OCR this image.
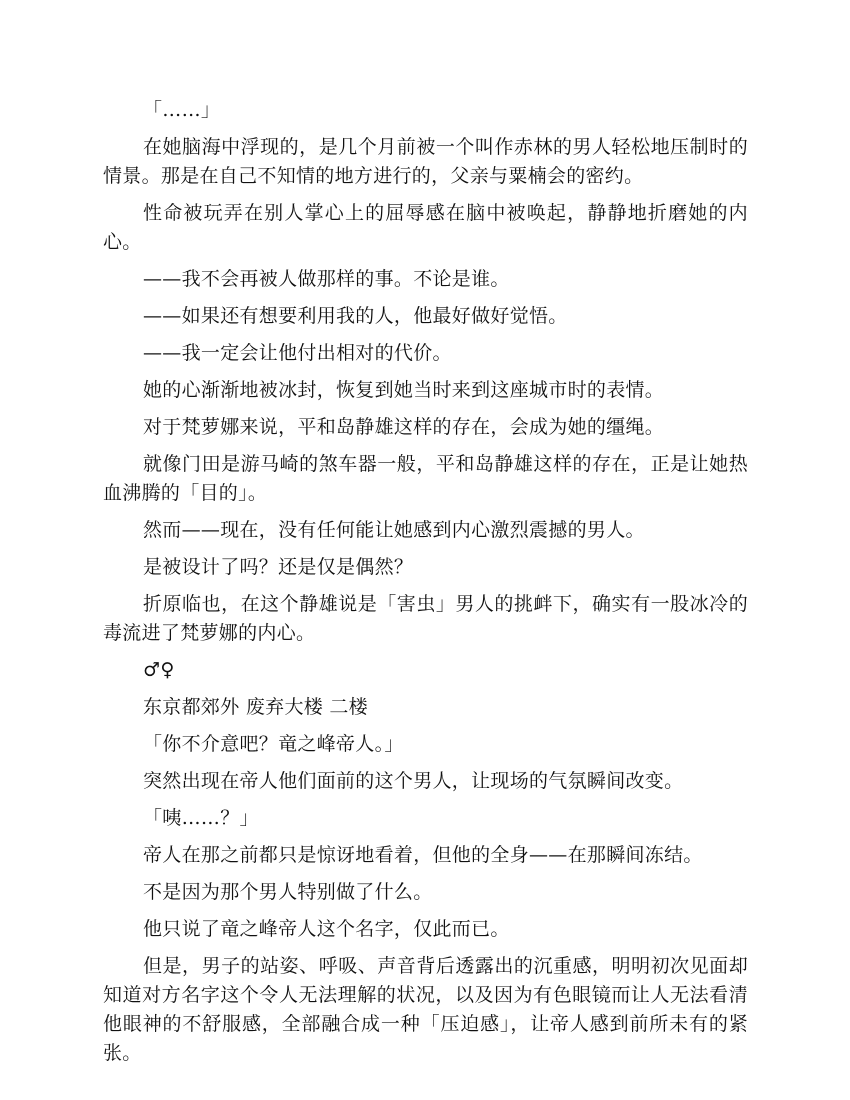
「……」

在她脑海中浮现的，是几个月前被一个叫作赤林的男人轻松地压制时的情景。那是在自己不知情的地方进行的，父亲与粟楠会的密约。

性命被玩弄在别人掌心上的屈辱感在脑中被唤起，静静地折磨她的内心。

——我不会再被人做那样的事。不论是谁。

——如果还有想要利用我的人，他最好做好觉悟。

——我一定会让他付出相对的代价。

她的心渐渐地被冰封，恢复到她当时来到这座城市时的表情。

对于梵萝娜来说，平和岛静雄这样的存在，会成为她的缰绳。

就像门田是游马崎的煞车器一般，平和岛静雄这样的存在，正是让她热血沸腾的「目的」。

然而——现在，没有任何能让她感到内心激烈震撼的男人。

是被设计了吗？还是仅是偶然？

折原临也，在这个静雄说是「害虫」男人的挑衅下，确实有一股冰冷的毒流进了梵萝娜的内心。

♂♀

东京都郊外 废弃大楼 二楼

「你不介意吧？竜之峰帝人。」

突然出现在帝人他们面前的这个男人，让现场的气氛瞬间改变。

「咦……？」

帝人在那之前都只是惊讶地看着，但他的全身——在那瞬间冻结。

不是因为那个男人特别做了什么。

他只说了竜之峰帝人这个名字，仅此而已。

但是，男子的站姿、呼吸、声音背后透露出的沉重感，明明初次见面却知道对方名字这个令人无法理解的状况，以及因为有色眼镜而让人无法看清他眼神的不舒服感，全部融合成一种「压迫感」，让帝人感到前所未有的紧张。
